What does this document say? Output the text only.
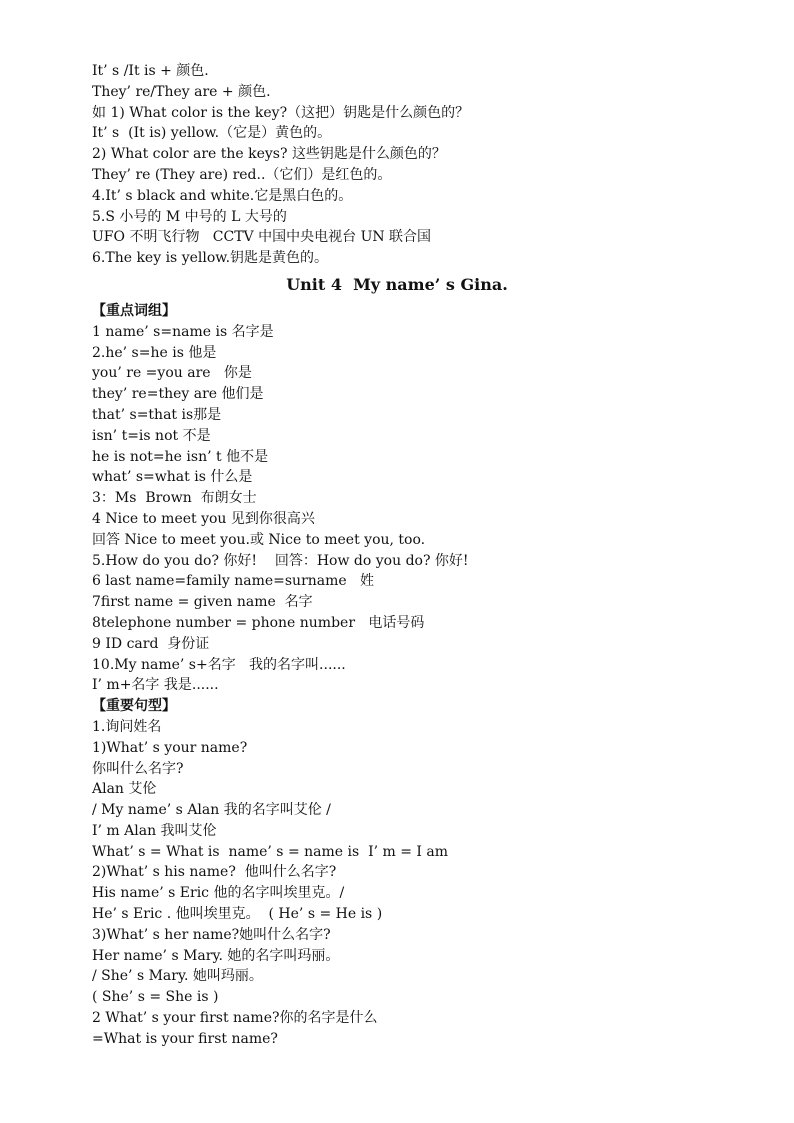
It’ s /It is + 颜色.
They’ re/They are + 颜色.
如 1) What color is the key?（这把）钥匙是什么颜色的？
It’ s  (It is) yellow.（它是）黄色的。
2) What color are the keys? 这些钥匙是什么颜色的？
They’ re (They are) red..（它们）是红色的。
4.It’ s black and white.它是黑白色的。
5.S 小号的 M 中号的 L 大号的
UFO 不明飞行物   CCTV 中国中央电视台 UN 联合国
6.The key is yellow.钥匙是黄色的。
Unit 4  My name’ s Gina.
【重点词组】
1 name’ s=name is 名字是
2.he’ s=he is 他是
you’ re =you are   你是
they’ re=they are 他们是
that’ s=that is那是
isn’ t=is not 不是
he is not=he isn’ t 他不是
what’ s=what is 什么是
3：Ms  Brown  布朗女士
4 Nice to meet you 见到你很高兴
回答 Nice to meet you.或 Nice to meet you, too.
5.How do you do? 你好!    回答：How do you do? 你好!
6 last name=family name=surname   姓
7first name = given name  名字
8telephone number = phone number   电话号码
9 ID card  身份证
10.My name’ s+名字   我的名字叫......
I’ m+名字 我是......
【重要句型】
1.询问姓名
1)What’ s your name?
你叫什么名字?
Alan 艾伦
/ My name’ s Alan 我的名字叫艾伦 /
I’ m Alan 我叫艾伦
What’ s = What is  name’ s = name is  I’ m = I am
2)What’ s his name?  他叫什么名字?
His name’ s Eric 他的名字叫埃里克。/
He’ s Eric . 他叫埃里克。  ( He’ s = He is )
3)What’ s her name?她叫什么名字?
Her name’ s Mary. 她的名字叫玛丽。
/ She’ s Mary. 她叫玛丽。
( She’ s = She is )
2 What’ s your first name?你的名字是什么
=What is your first name?
